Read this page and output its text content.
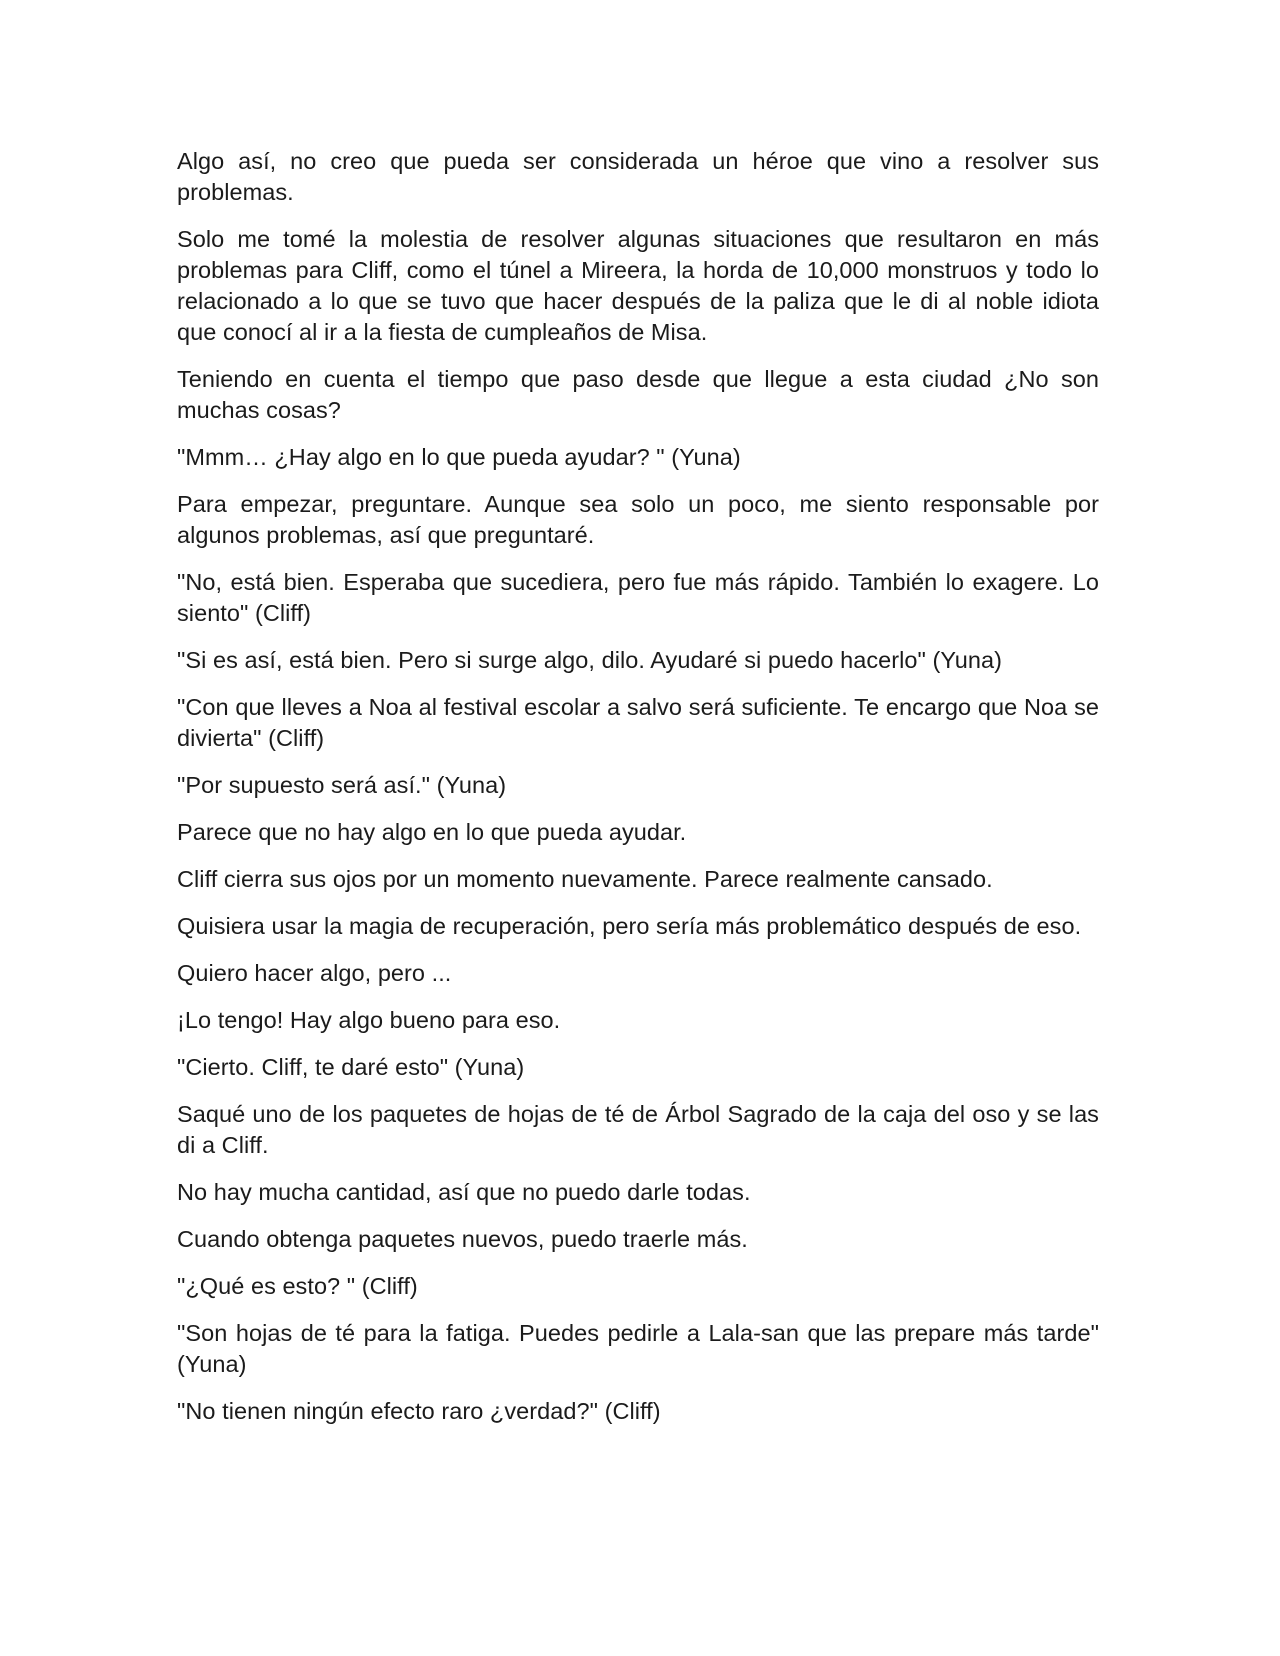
Algo así, no creo que pueda ser considerada un héroe que vino a resolver sus problemas.

Solo me tomé la molestia de resolver algunas situaciones que resultaron en más problemas para Cliff, como el túnel a Mireera, la horda de 10,000 monstruos y todo lo relacionado a lo que se tuvo que hacer después de la paliza que le di al noble idiota que conocí al ir a la fiesta de cumpleaños de Misa.

Teniendo en cuenta el tiempo que paso desde que llegue a esta ciudad ¿No son muchas cosas?

"Mmm… ¿Hay algo en lo que pueda ayudar? " (Yuna)

Para empezar, preguntare. Aunque sea solo un poco, me siento responsable por algunos problemas, así que preguntaré.

"No, está bien. Esperaba que sucediera, pero fue más rápido. También lo exagere. Lo siento" (Cliff)

"Si es así, está bien. Pero si surge algo, dilo. Ayudaré si puedo hacerlo" (Yuna)

"Con que lleves a Noa al festival escolar a salvo será suficiente. Te encargo que Noa se divierta" (Cliff)

"Por supuesto será así." (Yuna)

Parece que no hay algo en lo que pueda ayudar.

Cliff cierra sus ojos por un momento nuevamente. Parece realmente cansado.

Quisiera usar la magia de recuperación, pero sería más problemático después de eso.

Quiero hacer algo, pero ...

¡Lo tengo! Hay algo bueno para eso.

"Cierto. Cliff, te daré esto" (Yuna)

Saqué uno de los paquetes de hojas de té de Árbol Sagrado de la caja del oso y se las di a Cliff.

No hay mucha cantidad, así que no puedo darle todas.

Cuando obtenga paquetes nuevos, puedo traerle más.

"¿Qué es esto? " (Cliff)

"Son hojas de té para la fatiga. Puedes pedirle a Lala-san que las prepare más tarde" (Yuna)

"No tienen ningún efecto raro ¿verdad?" (Cliff)
